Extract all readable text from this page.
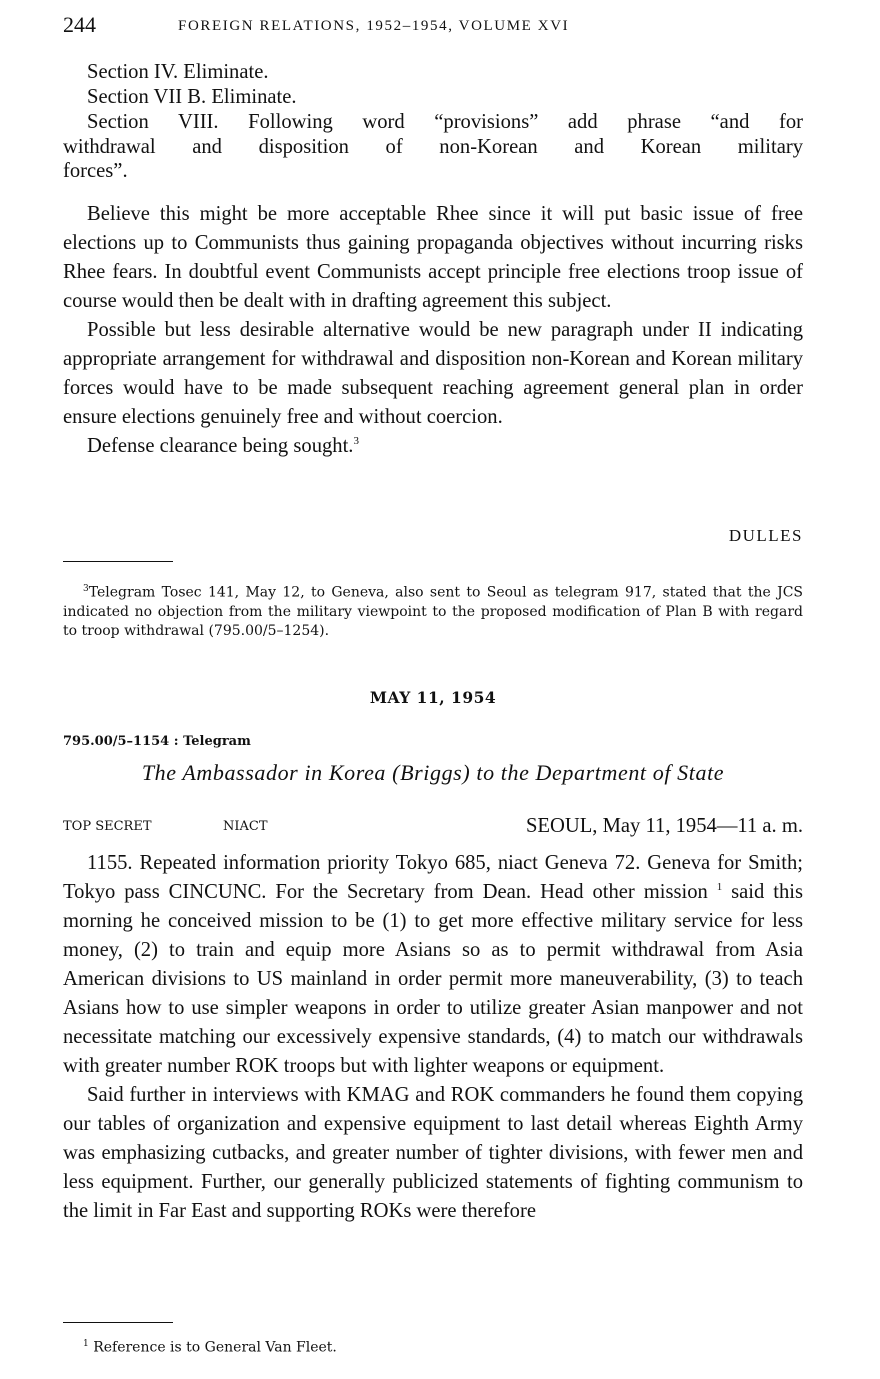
244	FOREIGN RELATIONS, 1952–1954, VOLUME XVI

Section IV. Eliminate.

Section VII B. Eliminate.

Section VIII. Following word “provisions” add phrase “and for

withdrawal and disposition of non-Korean and Korean military

forces”.

Believe this might be more acceptable Rhee since it will put basic issue of free elections up to Communists thus gaining propaganda objectives without incurring risks Rhee fears. In doubtful event Communists accept principle free elections troop issue of course would then be dealt with in drafting agreement this subject.

Possible but less desirable alternative would be new paragraph under II indicating appropriate arrangement for withdrawal and disposition non-Korean and Korean military forces would have to be made subsequent reaching agreement general plan in order ensure elections genuinely free and without coercion.

Defense clearance being sought.$^3$

DULLES
$^3$Telegram Tosec 141, May 12, to Geneva, also sent to Seoul as telegram 917, stated that the JCS indicated no objection from the military viewpoint to the proposed modification of Plan B with regard to troop withdrawal (795.00/5–1254).
MAY 11, 1954
795.00/5–1154 : Telegram
The Ambassador in Korea (Briggs) to the Department of State
TOP SECRET	NIACT	SEOUL, May 11, 1954—11 a. m.

1155. Repeated information priority Tokyo 685, niact Geneva 72. Geneva for Smith; Tokyo pass CINCUNC. For the Secretary from Dean. Head other mission $^1$ said this morning he conceived mission to be (1) to get more effective military service for less money, (2) to train and equip more Asians so as to permit withdrawal from Asia American divisions to US mainland in order permit more maneuverability, (3) to teach Asians how to use simpler weapons in order to utilize greater Asian manpower and not necessitate matching our excessively expensive standards, (4) to match our withdrawals with greater number ROK troops but with lighter weapons or equipment.

Said further in interviews with KMAG and ROK commanders he found them copying our tables of organization and expensive equipment to last detail whereas Eighth Army was emphasizing cutbacks, and greater number of tighter divisions, with fewer men and less equipment. Further, our generally publicized statements of fighting communism to the limit in Far East and supporting ROKs were therefore

$^1$ Reference is to General Van Fleet.
